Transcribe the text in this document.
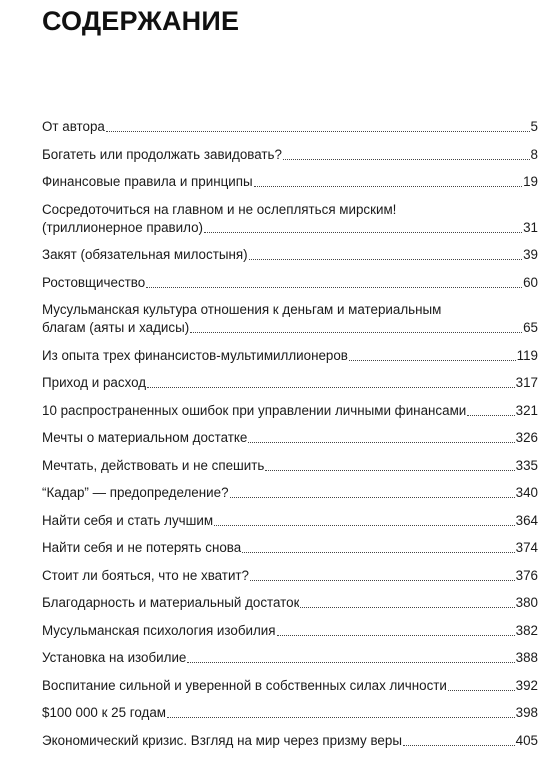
СОДЕРЖАНИЕ
От автора	5
Богатеть или продолжать завидовать?	8
Финансовые правила и принципы	19
Сосредоточиться на главном и не ослепляться мирским!
(триллионерное правило)	31
Закят (обязательная милостыня)	39
Ростовщичество	60
Мусульманская культура отношения к деньгам и материальным
благам (аяты и хадисы)	65
Из опыта трех финансистов-мультимиллионеров	119
Приход и расход	317
10 распространенных ошибок при управлении личными финансами	321
Мечты о материальном достатке	326
Мечтать, действовать и не спешить	335
“Кадар” — предопределение?	340
Найти себя и стать лучшим	364
Найти себя и не потерять снова	374
Стоит ли бояться, что не хватит?	376
Благодарность и материальный достаток	380
Мусульманская психология изобилия	382
Установка на изобилие	388
Воспитание сильной и уверенной в собственных силах личности	392
$100 000 к 25 годам	398
Экономический кризис. Взгляд на мир через призму веры	405
